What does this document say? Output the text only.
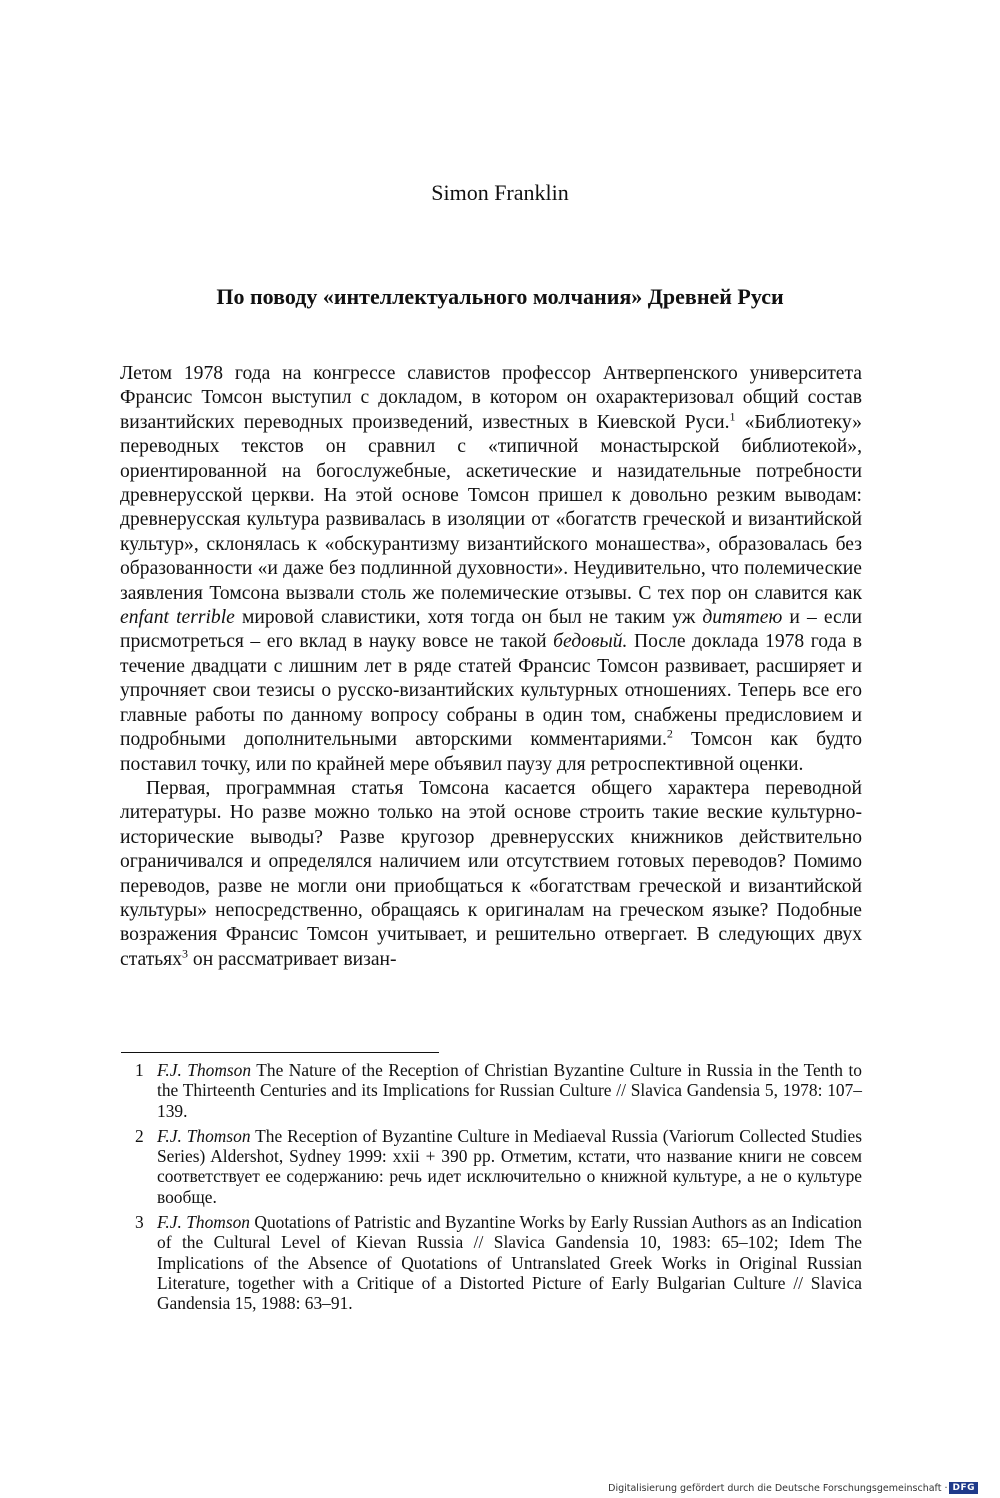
Simon Franklin
По поводу «интеллектуального молчания» Древней Руси

Летом 1978 года на конгрессе славистов профессор Антверпенского университета Франсис Томсон выступил с докладом, в котором он охарактеризовал общий состав византийских переводных произведений, известных в Киевской Руси.$^1$ «Библиотеку» переводных текстов он сравнил с «типичной монастырской библиотекой», ориентированной на богослужебные, аскетические и назидательные потребности древнерусской церкви. На этой основе Томсон пришел к довольно резким выводам: древнерусская культура развивалась в изоляции от «богатств греческой и византийской культур», склонялась к «обскурантизму византийского монашества», образовалась без образованности «и даже без подлинной духовности». Неудивительно, что полемические заявления Томсона вызвали столь же полемические отзывы. С тех пор он славится как enfant terrible мировой славистики, хотя тогда он был не таким уж дитятею и – если присмотреться – его вклад в науку вовсе не такой бедовый. После доклада 1978 года в течение двадцати с лишним лет в ряде статей Франсис Томсон развивает, расширяет и упрочняет свои тезисы о русско-византийских культурных отношениях. Теперь все его главные работы по данному вопросу собраны в один том, снабжены предисловием и подробными дополнительными авторскими комментариями.$^2$ Томсон как будто поставил точку, или по крайней мере объявил паузу для ретроспективной оценки.

Первая, программная статья Томсона касается общего характера переводной литературы. Но разве можно только на этой основе строить такие веские культурно-исторические выводы? Разве кругозор древнерусских книжников действительно ограничивался и определялся наличием или отсутствием готовых переводов? Помимо переводов, разве не могли они приобщаться к «богатствам греческой и византийской культуры» непосредственно, обращаясь к оригиналам на греческом языке? Подобные возражения Франсис Томсон учитывает, и решительно отвергает. В следующих двух статьях$^3$ он рассматривает визан-

1 F.J. Thomson The Nature of the Reception of Christian Byzantine Culture in Russia in the Tenth to the Thirteenth Centuries and its Implications for Russian Culture // Slavica Gandensia 5, 1978: 107–139.
2 F.J. Thomson The Reception of Byzantine Culture in Mediaeval Russia (Variorum Collected Studies Series) Aldershot, Sydney 1999: xxii + 390 pp. Отметим, кстати, что название книги не совсем соответствует ее содержанию: речь идет исключительно о книжной культуре, а не о культуре вообще.
3 F.J. Thomson Quotations of Patristic and Byzantine Works by Early Russian Authors as an Indication of the Cultural Level of Kievan Russia // Slavica Gandensia 10, 1983: 65–102; Idem The Implications of the Absence of Quotations of Untranslated Greek Works in Original Russian Literature, together with a Critique of a Distorted Picture of Early Bulgarian Culture // Slavica Gandensia 15, 1988: 63–91.
Digitalisierung gefördert durch die Deutsche Forschungsgemeinschaft · DFG
